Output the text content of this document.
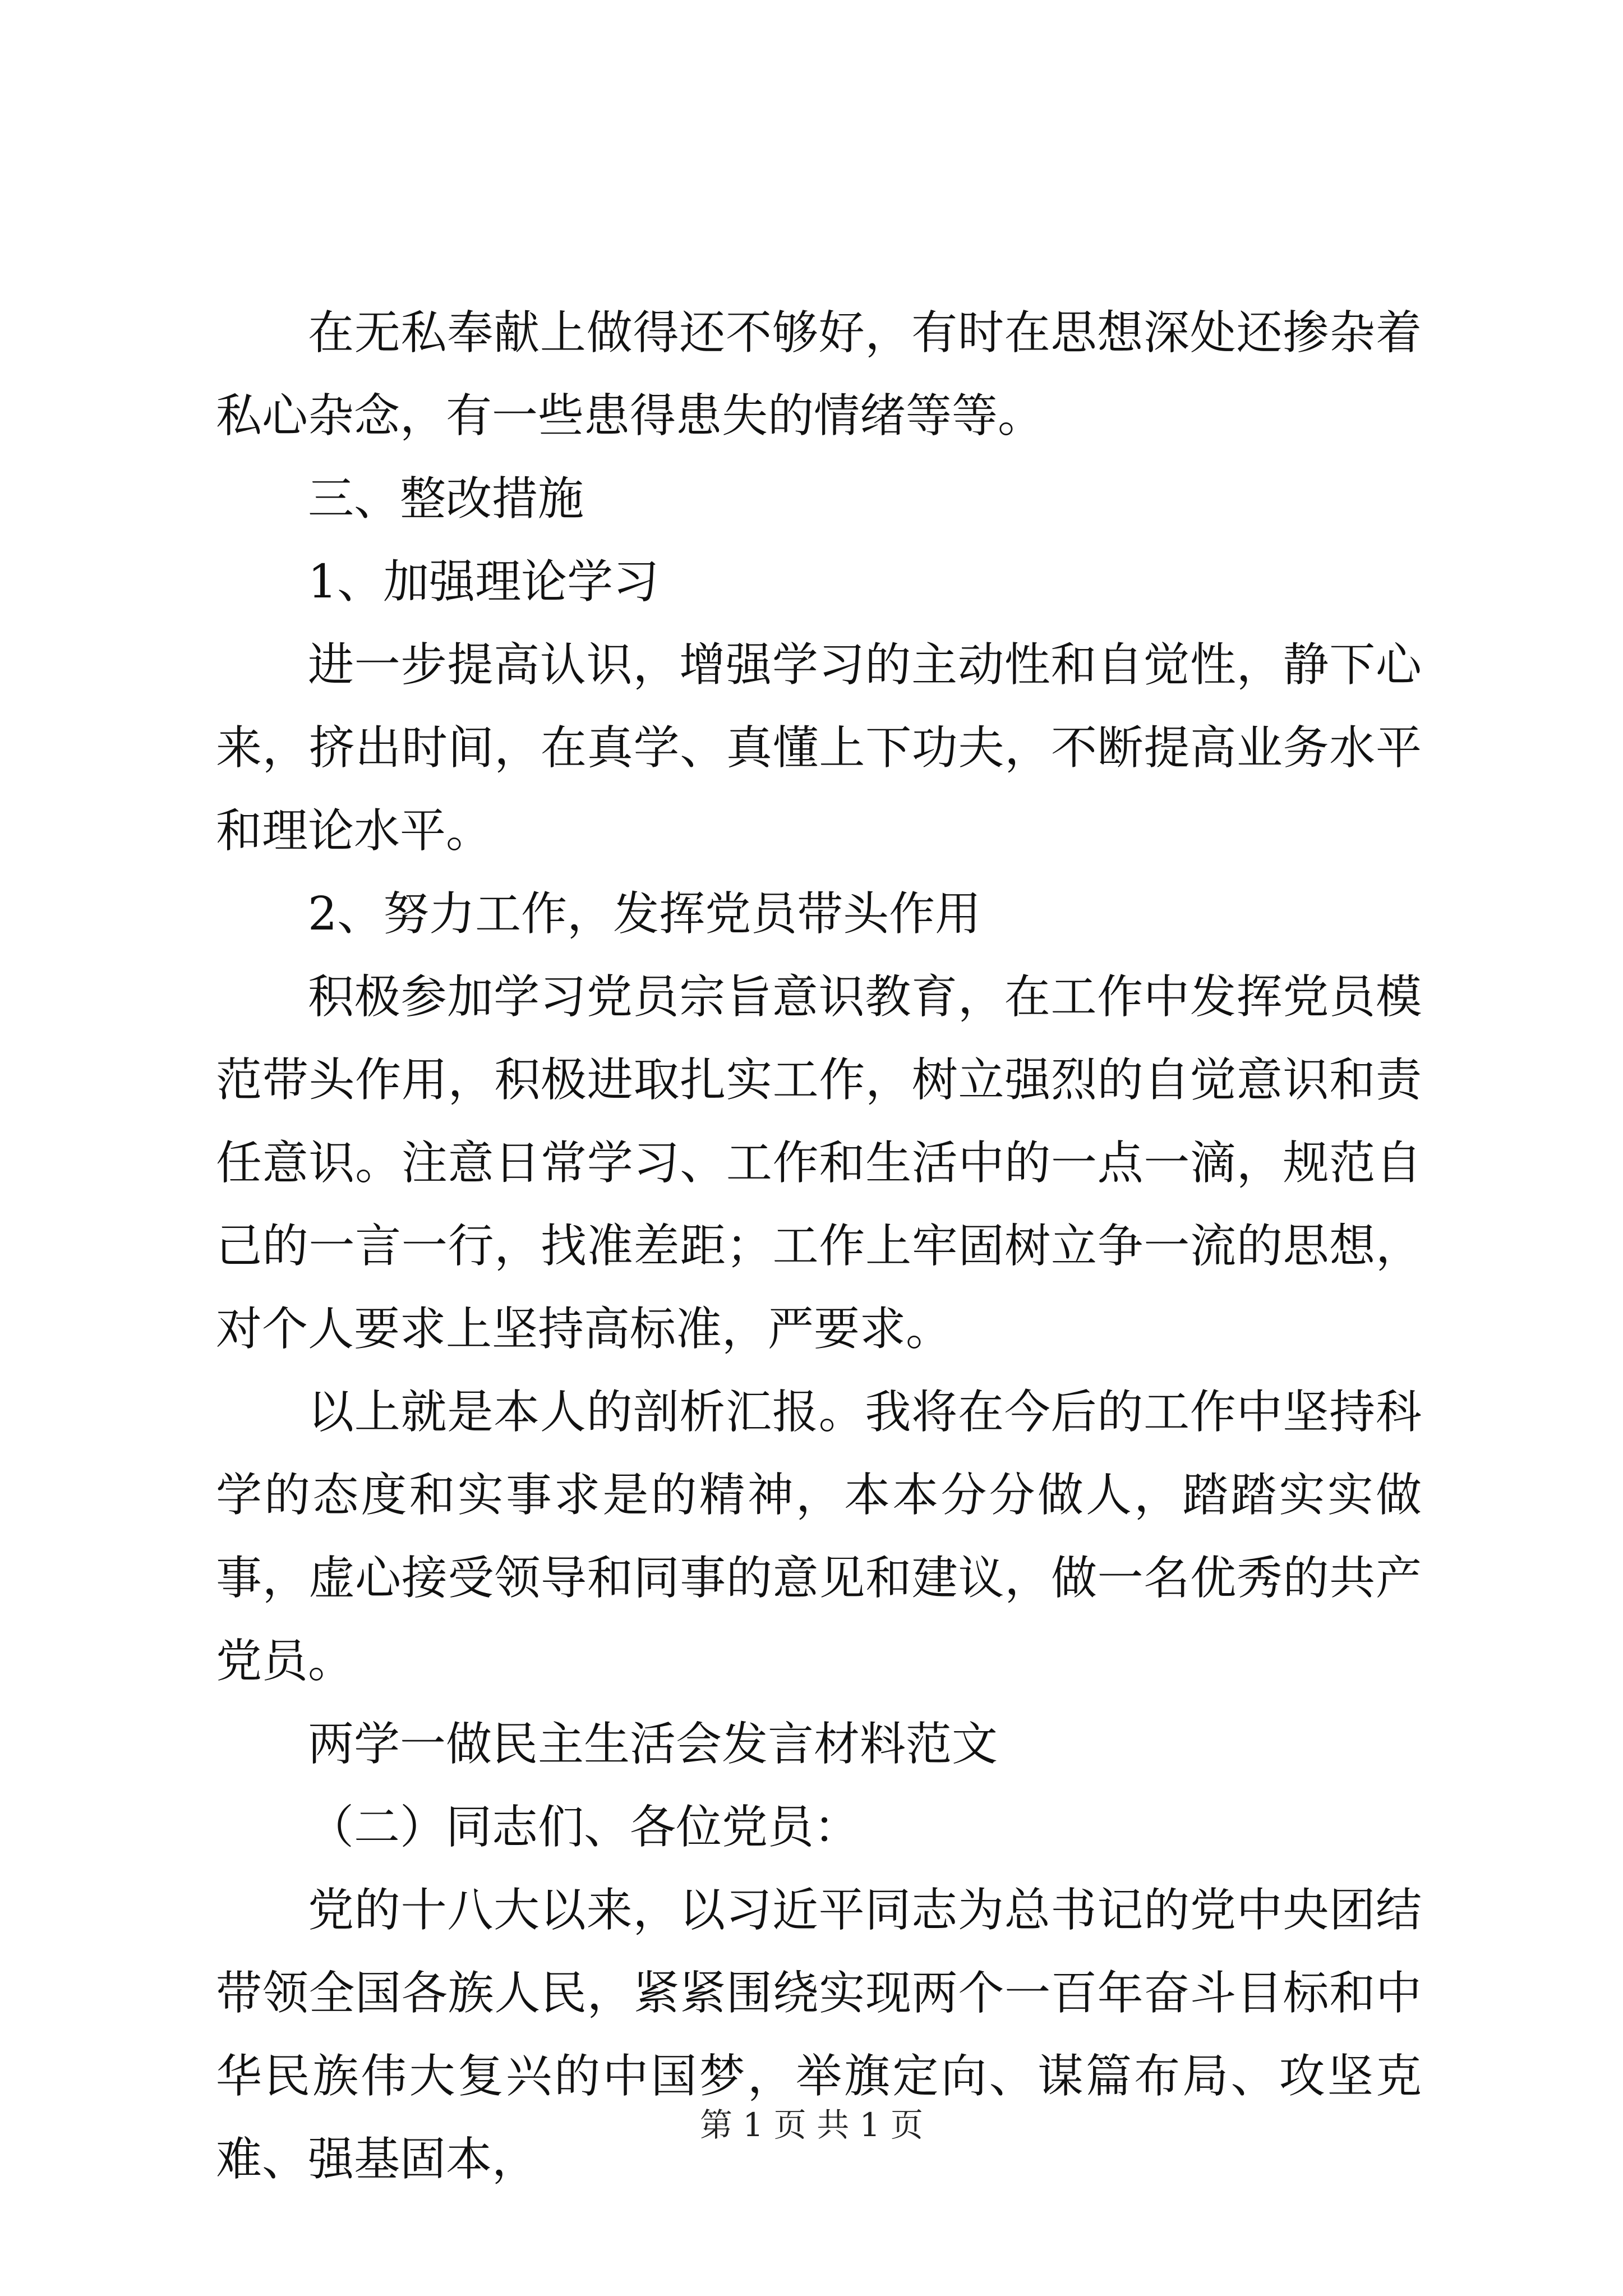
在无私奉献上做得还不够好，有时在思想深处还掺杂着私心杂念，有一些患得患失的情绪等等。

三、整改措施

1、加强理论学习

进一步提高认识，增强学习的主动性和自觉性，静下心来，挤出时间，在真学、真懂上下功夫，不断提高业务水平和理论水平。

2、努力工作，发挥党员带头作用

积极参加学习党员宗旨意识教育，在工作中发挥党员模范带头作用，积极进取扎实工作，树立强烈的自觉意识和责任意识。注意日常学习、工作和生活中的一点一滴，规范自己的一言一行，找准差距；工作上牢固树立争一流的思想，对个人要求上坚持高标准，严要求。

以上就是本人的剖析汇报。我将在今后的工作中坚持科学的态度和实事求是的精神，本本分分做人，踏踏实实做事，虚心接受领导和同事的意见和建议，做一名优秀的共产党员。

两学一做民主生活会发言材料范文

（二）同志们、各位党员：

党的十八大以来，以习近平同志为总书记的党中央团结带领全国各族人民，紧紧围绕实现两个一百年奋斗目标和中华民族伟大复兴的中国梦，举旗定向、谋篇布局、攻坚克难、强基固本，

第 1 页 共 1 页
